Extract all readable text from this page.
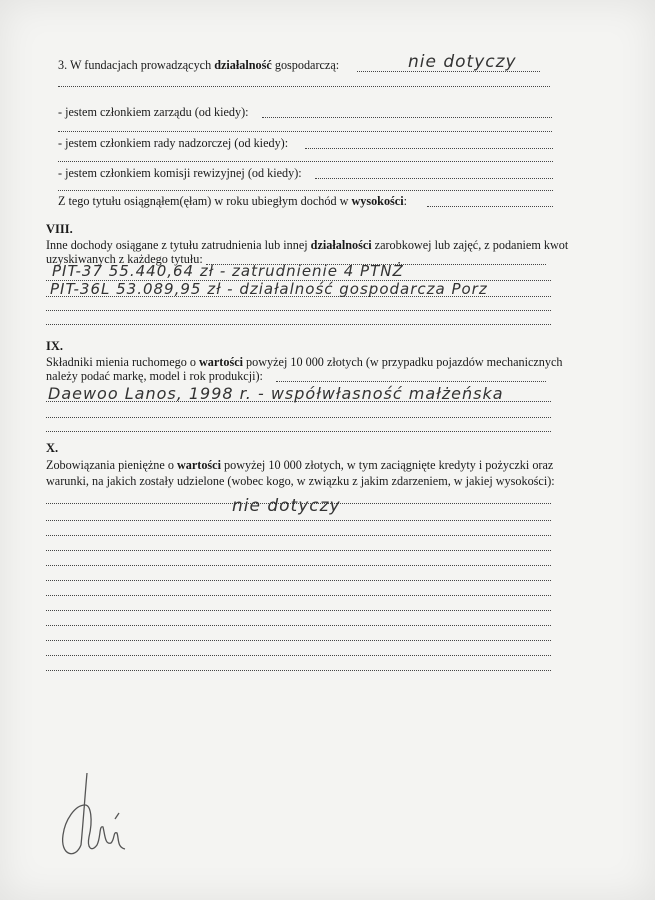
3. W fundacjach prowadzących działalność gospodarczą:	nie dotyczy
- jestem członkiem zarządu (od kiedy):
- jestem członkiem rady nadzorczej (od kiedy):
- jestem członkiem komisji rewizyjnej (od kiedy):
Z tego tytułu osiągnąłem(ęłam) w roku ubiegłym dochód w wysokości:
VIII.
Inne dochody osiągane z tytułu zatrudnienia lub innej działalności zarobkowej lub zajęć, z podaniem kwot
uzyskiwanych z każdego tytułu:
PIT-37 55.440,64 zł - zatrudnienie 4 PTNŻ
PIT-36L 53.089,95 zł - działalność gospodarcza Porz
IX.
Składniki mienia ruchomego o wartości powyżej 10 000 złotych (w przypadku pojazdów mechanicznych
należy podać markę, model i rok produkcji):
Daewoo Lanos, 1998 r. - współwłasność małżeńska
X.
Zobowiązania pieniężne o wartości powyżej 10 000 złotych, w tym zaciągnięte kredyty i pożyczki oraz
warunki, na jakich zostały udzielone (wobec kogo, w związku z jakim zdarzeniem, w jakiej wysokości):
nie dotyczy
